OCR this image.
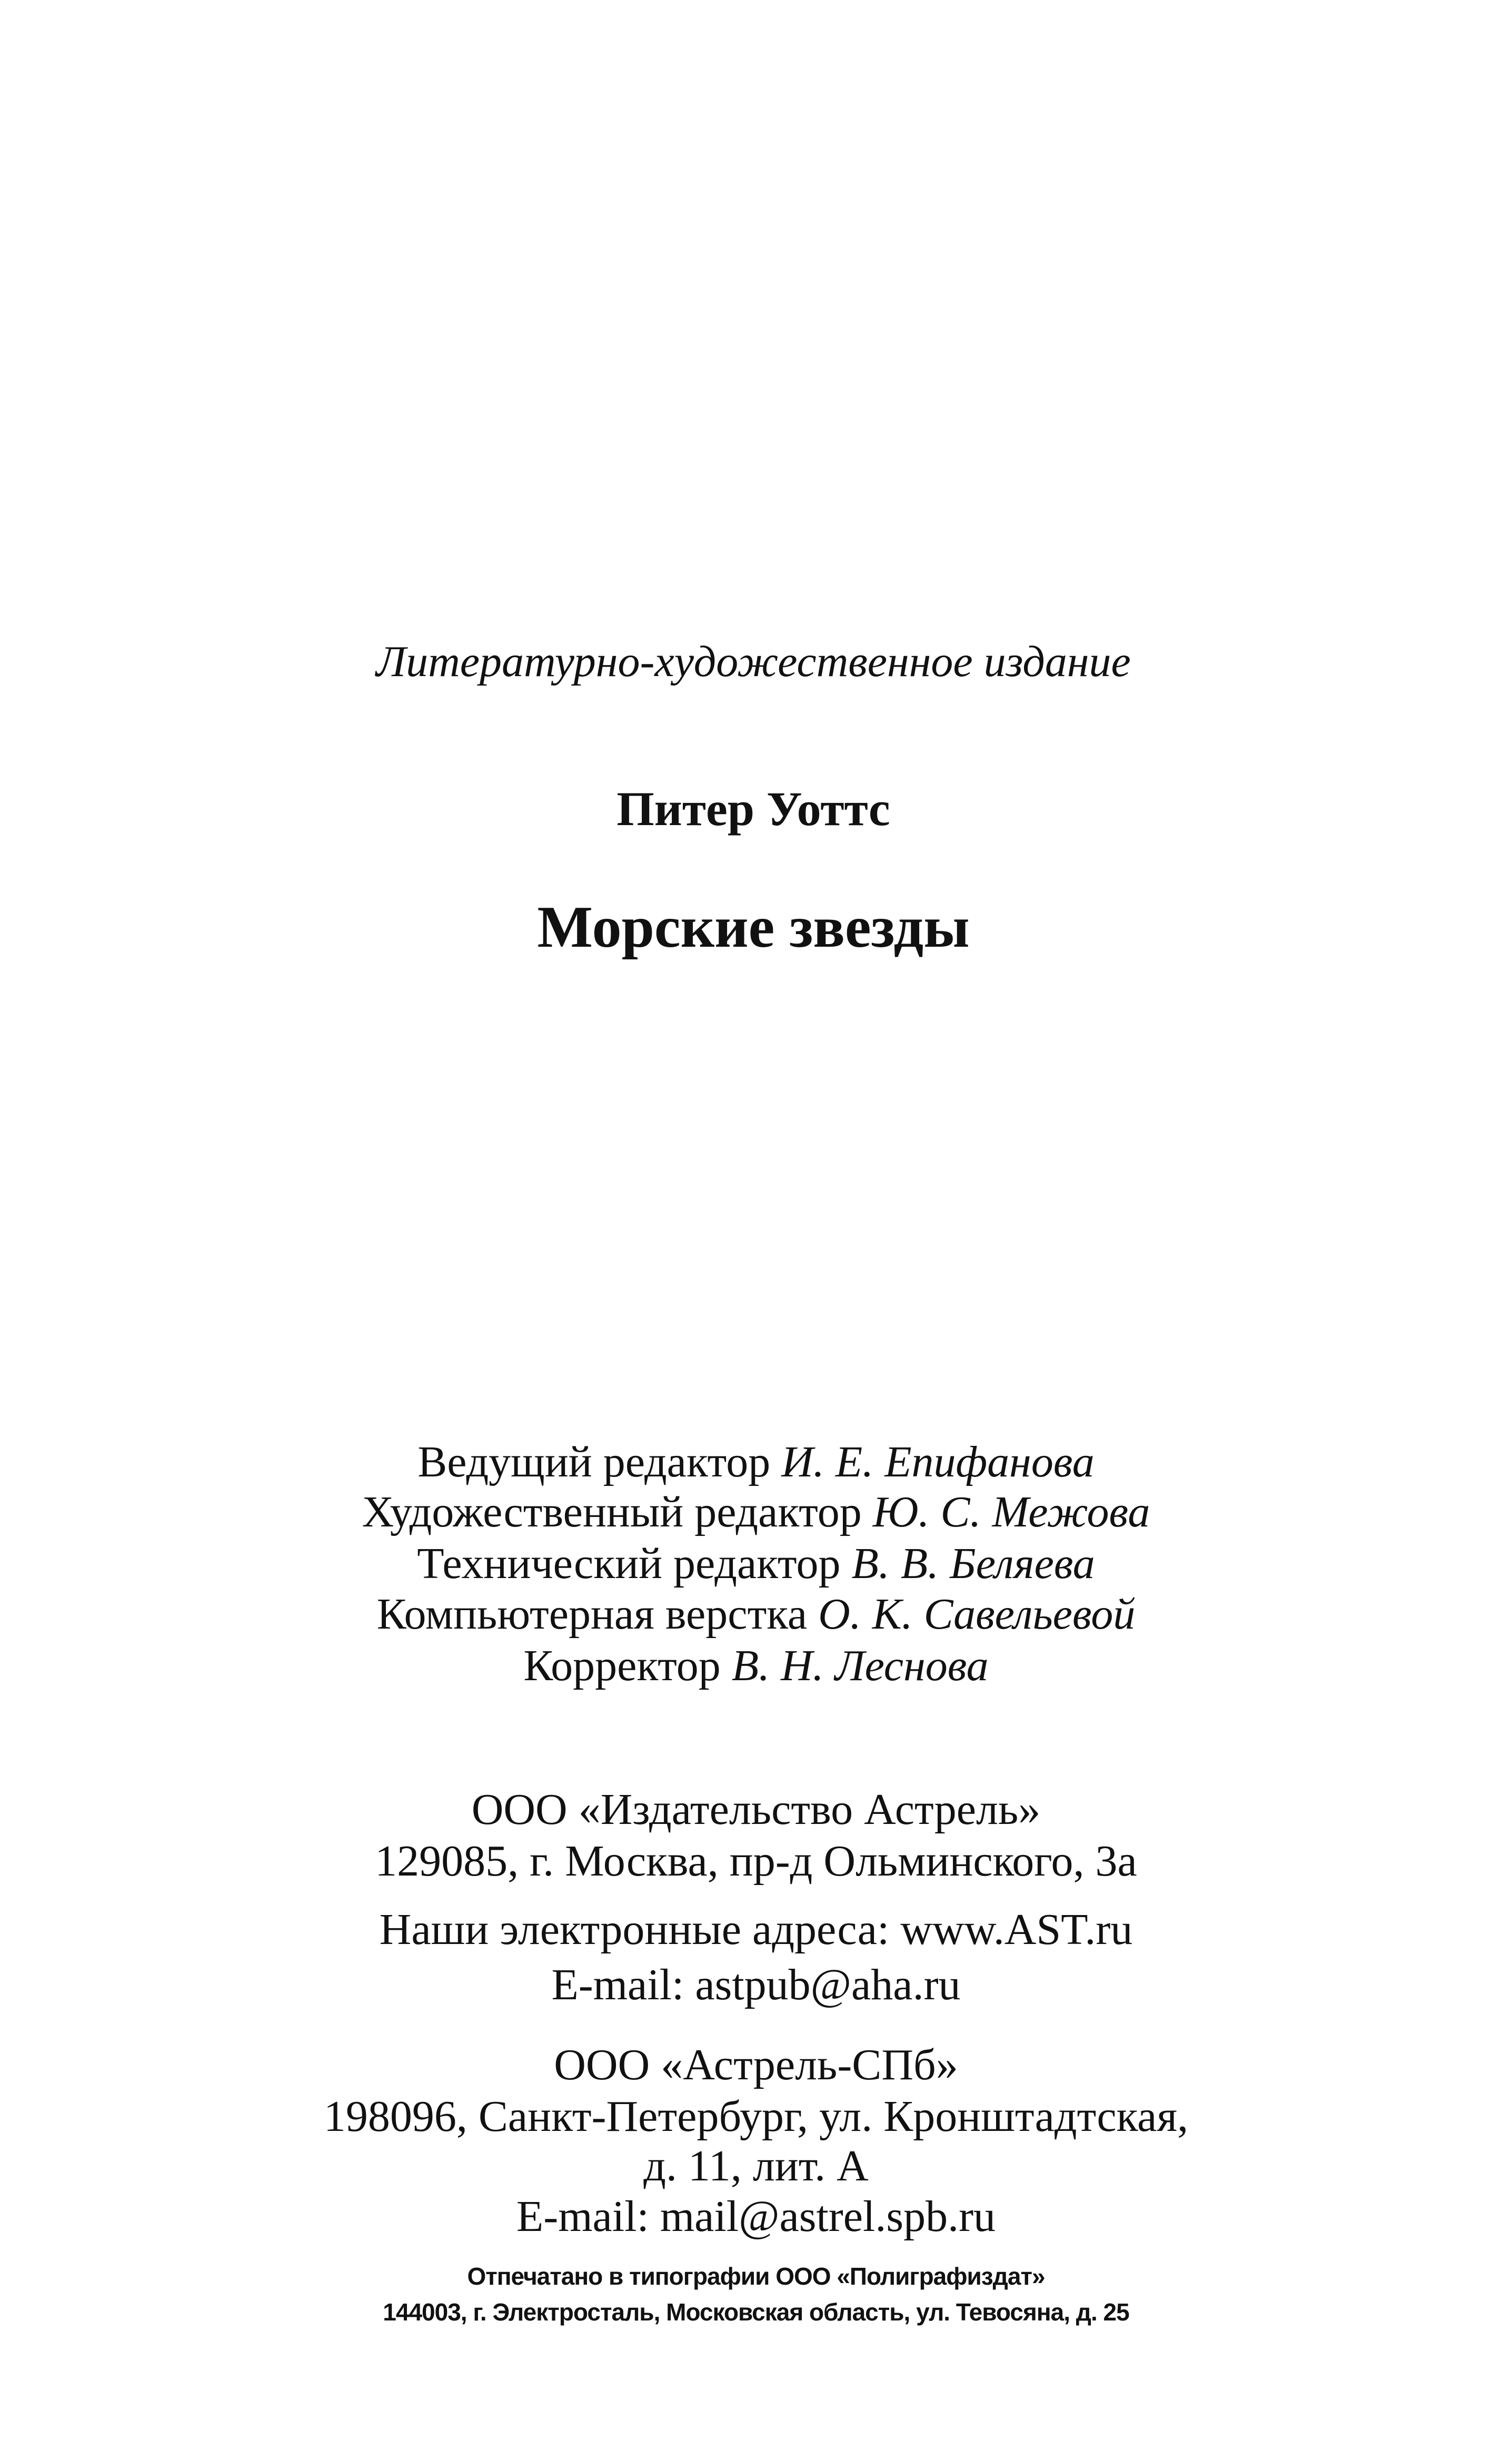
Литературно-художественное издание
Питер Уоттс
Морские звезды
Ведущий редактор И. Е. Епифанова
Художественный редактор Ю. С. Межова
Технический редактор В. В. Беляева
Компьютерная верстка О. К. Савельевой
Корректор В. Н. Леснова
ООО «Издательство Астрель»
129085, г. Москва, пр-д Ольминского, 3а
Наши электронные адреса: www.AST.ru
E-mail: astpub@aha.ru
ООО «Астрель-СПб»
198096, Санкт-Петербург, ул. Кронштадтская,
д. 11, лит. А
E-mail: mail@astrel.spb.ru
Отпечатано в типографии ООО «Полиграфиздат»
144003, г. Электросталь, Московская область, ул. Тевосяна, д. 25
